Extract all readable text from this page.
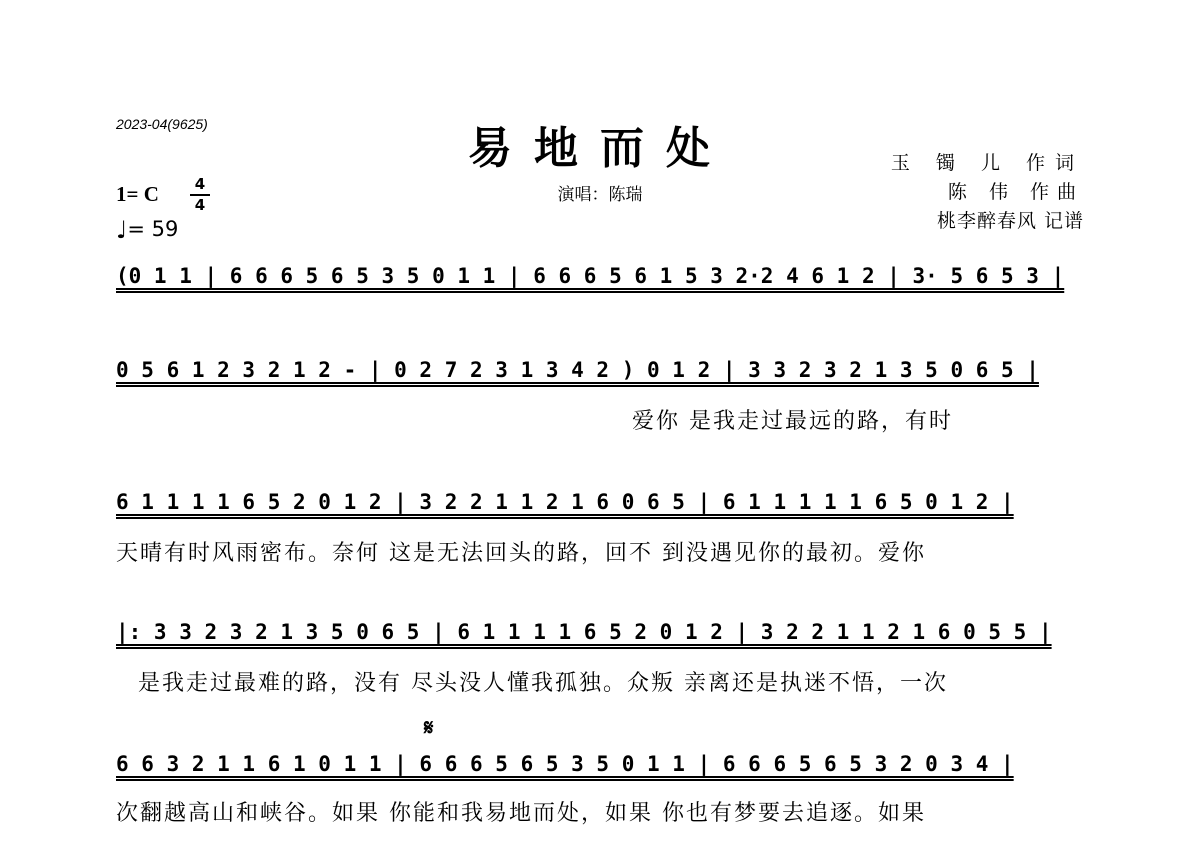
2023-04(9625)	易地而处
演唱：陈瑞
玉 镯 儿 作词
陈 伟 作曲
桃李醉春风 记谱
1= C	4
4
♩= 59
(0 1 1 | 6 6 6 5 6 5 3 5 0 1 1 | 6 6 6 5 6 1 5 3 2·2 4 6 1 2 | 3· 5 6 5 3 |
0 5 6 1 2 3 2 1 2 - | 0 2 7 2 3 1 3 4 2 ) 0 1 2 | 3 3 2 3 2 1 3 5 0 6 5 |
爱你 是我走过最远的路，有时
6 1 1 1 1 6 5 2 0 1 2 | 3 2 2 1 1 2 1 6 0 6 5 | 6 1 1 1 1 1 6 5 0 1 2 |
天晴有时风雨密布。奈何 这是无法回头的路，回不 到没遇见你的最初。爱你
|: 3 3 2 3 2 1 3 5 0 6 5 | 6 1 1 1 1 6 5 2 0 1 2 | 3 2 2 1 1 2 1 6 0 5 5 |
是我走过最难的路，没有 尽头没人懂我孤独。众叛 亲离还是执迷不悟，一次
𝄋
6 6 3 2 1 1 6 1 0 1 1 | 6 6 6 5 6 5 3 5 0 1 1 | 6 6 6 5 6 5 3 2 0 3 4 |
次翻越高山和峡谷。如果 你能和我易地而处，如果 你也有梦要去追逐。如果
